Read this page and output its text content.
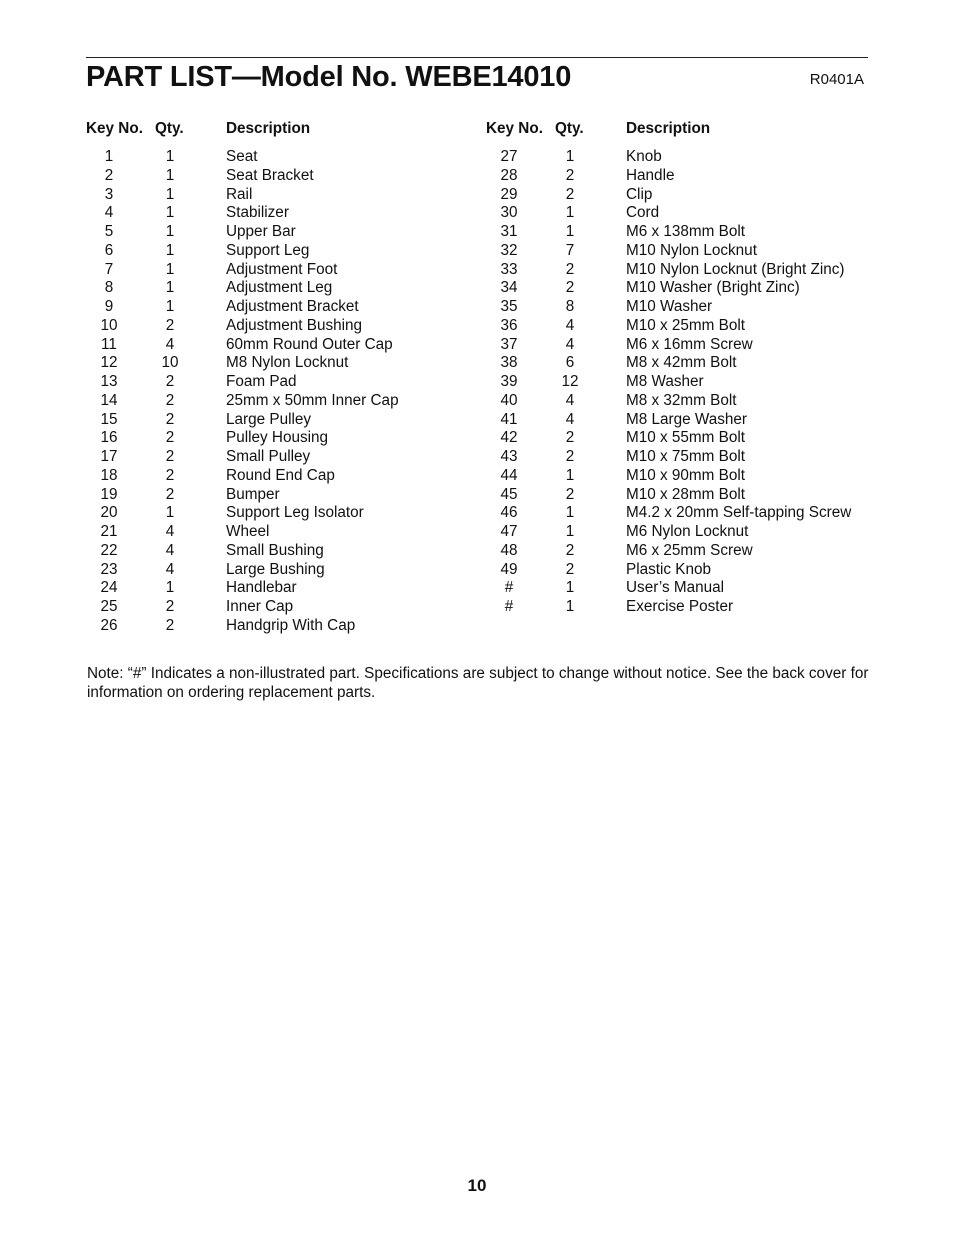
PART LIST—Model No. WEBE14010	R0401A
Key No. Qty.	Description
1	1	Seat
2	1	Seat Bracket
3	1	Rail
4	1	Stabilizer
5	1	Upper Bar
6	1	Support Leg
7	1	Adjustment Foot
8	1	Adjustment Leg
9	1	Adjustment Bracket
10	2	Adjustment Bushing
11	4	60mm Round Outer Cap
12	10	M8 Nylon Locknut
13	2	Foam Pad
14	2	25mm x 50mm Inner Cap
15	2	Large Pulley
16	2	Pulley Housing
17	2	Small Pulley
18	2	Round End Cap
19	2	Bumper
20	1	Support Leg Isolator
21	4	Wheel
22	4	Small Bushing
23	4	Large Bushing
24	1	Handlebar
25	2	Inner Cap
26	2	Handgrip With Cap
Key No. Qty.	Description
27	1	Knob
28	2	Handle
29	2	Clip
30	1	Cord
31	1	M6 x 138mm Bolt
32	7	M10 Nylon Locknut
33	2	M10 Nylon Locknut (Bright Zinc)
34	2	M10 Washer (Bright Zinc)
35	8	M10 Washer
36	4	M10 x 25mm Bolt
37	4	M6 x 16mm Screw
38	6	M8 x 42mm Bolt
39	12	M8 Washer
40	4	M8 x 32mm Bolt
41	4	M8 Large Washer
42	2	M10 x 55mm Bolt
43	2	M10 x 75mm Bolt
44	1	M10 x 90mm Bolt
45	2	M10 x 28mm Bolt
46	1	M4.2 x 20mm Self-tapping Screw
47	1	M6 Nylon Locknut
48	2	M6 x 25mm Screw
49	2	Plastic Knob
#	1	User’s Manual
#	1	Exercise Poster
Note: “#” Indicates a non-illustrated part. Specifications are subject to change without notice. See the back cover for information on ordering replacement parts.
10
